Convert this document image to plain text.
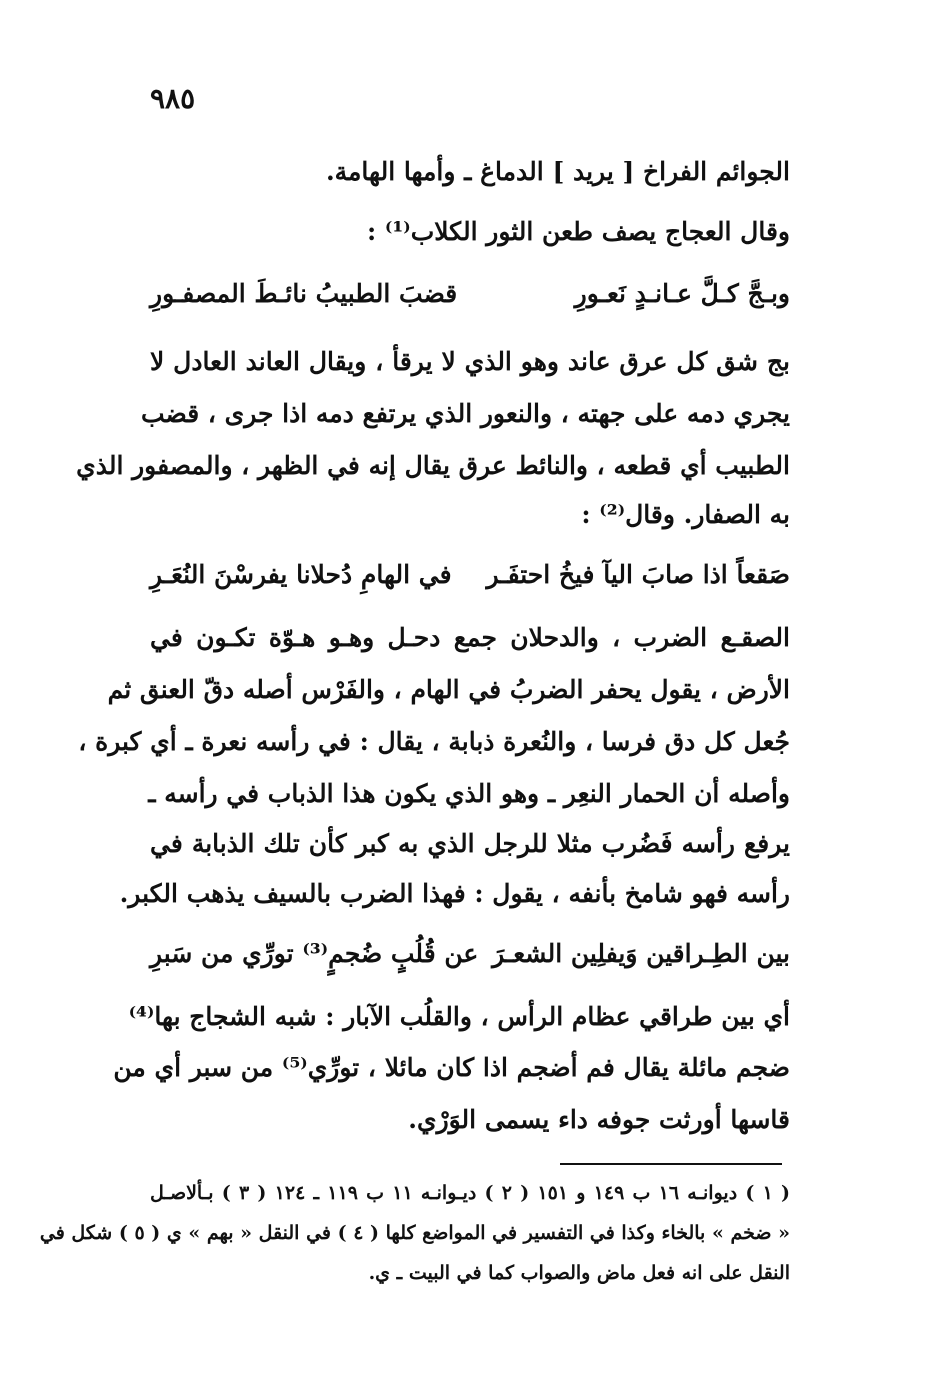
٩٨٥
الجوائم الفراخ [ يريد ] الدماغ ـ وأمها الهامة.
وقال العجاج يصف طعن الثور الكلاب⁽¹⁾ :
وبـجَّ كـلَّ عـانـدٍ نَعـورِ
قضبَ الطبيبُ نائـطَ المصفـورِ
بج شق كل عرق عاند وهو الذي لا يرقأ ، ويقال العاند العادل لا
يجري دمه على جهته ، والنعور الذي يرتفع دمه اذا جرى ، قضب
الطبيب أي قطعه ، والنائط عرق يقال إنه في الظهر ، والمصفور الذي
به الصفار. وقال⁽²⁾ :
صَقعاً اذا صابَ اليآ فيخُ احتفَـر
في الهامِ دُحلانا يفرسْنَ النُعَـرِ
الصقـع الضرب ، والدحلان جمع دحـل وهـو هـوّة تكـون في
الأرض ، يقول يحفر الضربُ في الهام ، والفَرْس أصله دقّ العنق ثم
جُعل كل دق فرسا ، والنُعرة ذبابة ، يقال : في رأسه نعرة ـ أي كبرة ،
وأصله أن الحمار النعِر ـ وهو الذي يكون هذا الذباب في رأسه ـ
يرفع رأسه فَضُرب مثلا للرجل الذي به كبر كأن تلك الذبابة في
رأسه فهو شامخ بأنفه ، يقول : فهذا الضرب بالسيف يذهب الكبر.
بين الطِـراقين وَيفلِين الشعـرَ
عن قُلُبٍ ضُجمٍ⁽³⁾ تورِّي من سَبرِ
أي بين طراقي عظام الرأس ، والقلُب الآبار : شبه الشجاج بها⁽⁴⁾
ضجم مائلة يقال فم أضجم اذا كان مائلا ، تورِّي⁽⁵⁾ من سبر أي من
قاسها أورثت جوفه داء يسمى الوَرْي.
( ١ ) ديوانـه ١٦ ب ١٤٩ و ١٥١ ( ٢ ) ديـوانـه ١١ ب ١١٩ ـ ١٢٤ ( ٣ ) بـألاصـل
« ضخم » بالخاء وكذا في التفسير في المواضع كلها ( ٤ ) في النقل « بهم » ي ( ٥ ) شكل في
النقل على انه فعل ماض والصواب كما في البيت ـ ي.
